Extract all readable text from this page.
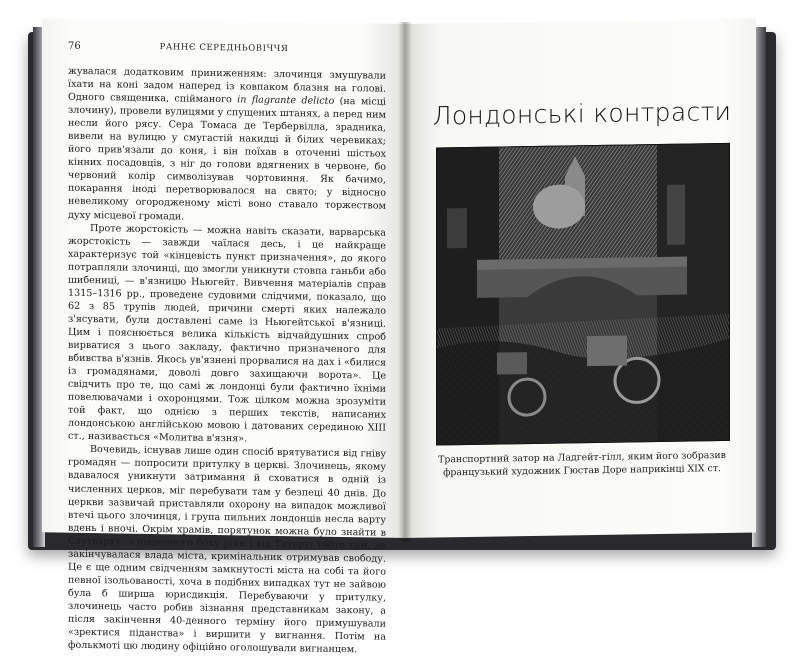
76	РАННЄ СЕРЕДНЬОВІЧЧЯ

жувалася додатковим приниженням: злочинця змушували їхати на коні задом наперед із ковпаком блазня на голові. Одного священика, спійманого in flagrante delicto (на місці злочину), провели вулицями у спущених штанях, а перед ним несли його рясу. Сера Томаса де Тербервілла, зрадника, вивели на вулицю у смугастій накидці й білих черевиках; його прив'язали до коня, і він поїхав в оточенні шістьох кінних посадовців, з ніг до голови вдягнених в червоне, бо червоний колір символізував чортовиння. Як бачимо, покарання іноді перетворювалося на свято; у відносно невеликому огородженому місті воно ставало торжеством духу місцевої громади.

Проте жорстокість — можна навіть сказати, варварська жорстокість — завжди чаїлася десь, і це найкраще характеризує той «кінцевість пункт призначення», до якого потрапляли злочинці, що змогли уникнути стовпа ганьби або шибениці, — в'язницю Ньюгейт. Вивчення матеріалів справ 1315–1316 рр., проведене судовими слідчими, показало, що 62 з 85 трупів людей, причини смерті яких належало з'ясувати, були доставлені саме із Ньюгейтської в'язниці. Цим і пояснюється велика кількість відчайдушних спроб вирватися з цього закладу, фактично призначеного для вбивства в'язнів. Якось ув'язнені прорвалися на дах і «билися із громадянами, доволі довго захищаючи ворота». Це свідчить про те, що самі ж лондонці були фактично їхніми повелювачами і охоронцями. Тож цілком можна зрозуміти той факт, що однією з перших текстів, написаних лондонською англійською мовою і датованих серединою XIII ст., називається «Молитва в'язня».

Вочевидь, існував лише один спосіб врятуватися від гніву громадян — попросити притулку в церкві. Злочинець, якому вдавалося уникнути затримання й сховатися в одній із численних церков, міг перебувати там у безпеці 40 днів. До церкви зазвичай приставляли охорону на випадок можливої втечі цього злочинця, і група пильних лондонців несла варту вдень і вночі. Окрім храмів, порятунок можна було знайти в Саутварку, з південного боку ріки і від Тауеру; тобто там, де закінчувалася влада міста, кримінальник отримував свободу. Це є ще одним свідченням замкнутості міста на собі та його певної ізольованості, хоча в подібних випадках тут не зайвою була б ширша юрисдикція. Перебуваючи у притулку, злочинець часто робив зізнання представникам закону, а після закінчення 40-денного терміну його примушували «зректися піданства» і виршити у вигнання. Потім на фолькмоті цю людину офіційно оголошували вигнанцем.

Лондонські контрасти
Транспортний затор на Ладгейт-гілл, яким його зобразив французький художник Гюстав Доре наприкінці XIX ст.
